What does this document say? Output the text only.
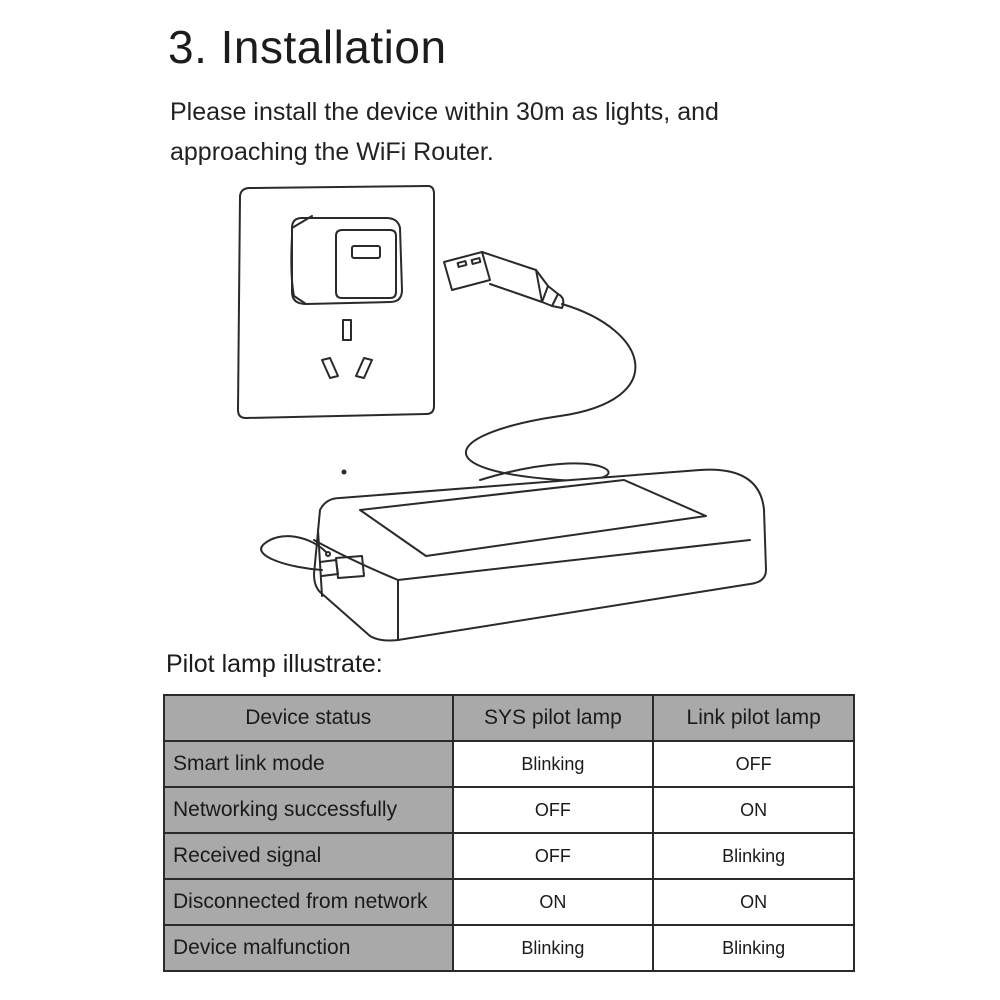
3. Installation

Please install the device within 30m as lights, and approaching the WiFi Router.

Pilot lamp illustrate:

Device status	SYS pilot lamp	Link pilot lamp
Smart link mode	Blinking	OFF
Networking successfully	OFF	ON
Received signal	OFF	Blinking
Disconnected from network	ON	ON
Device malfunction	Blinking	Blinking
